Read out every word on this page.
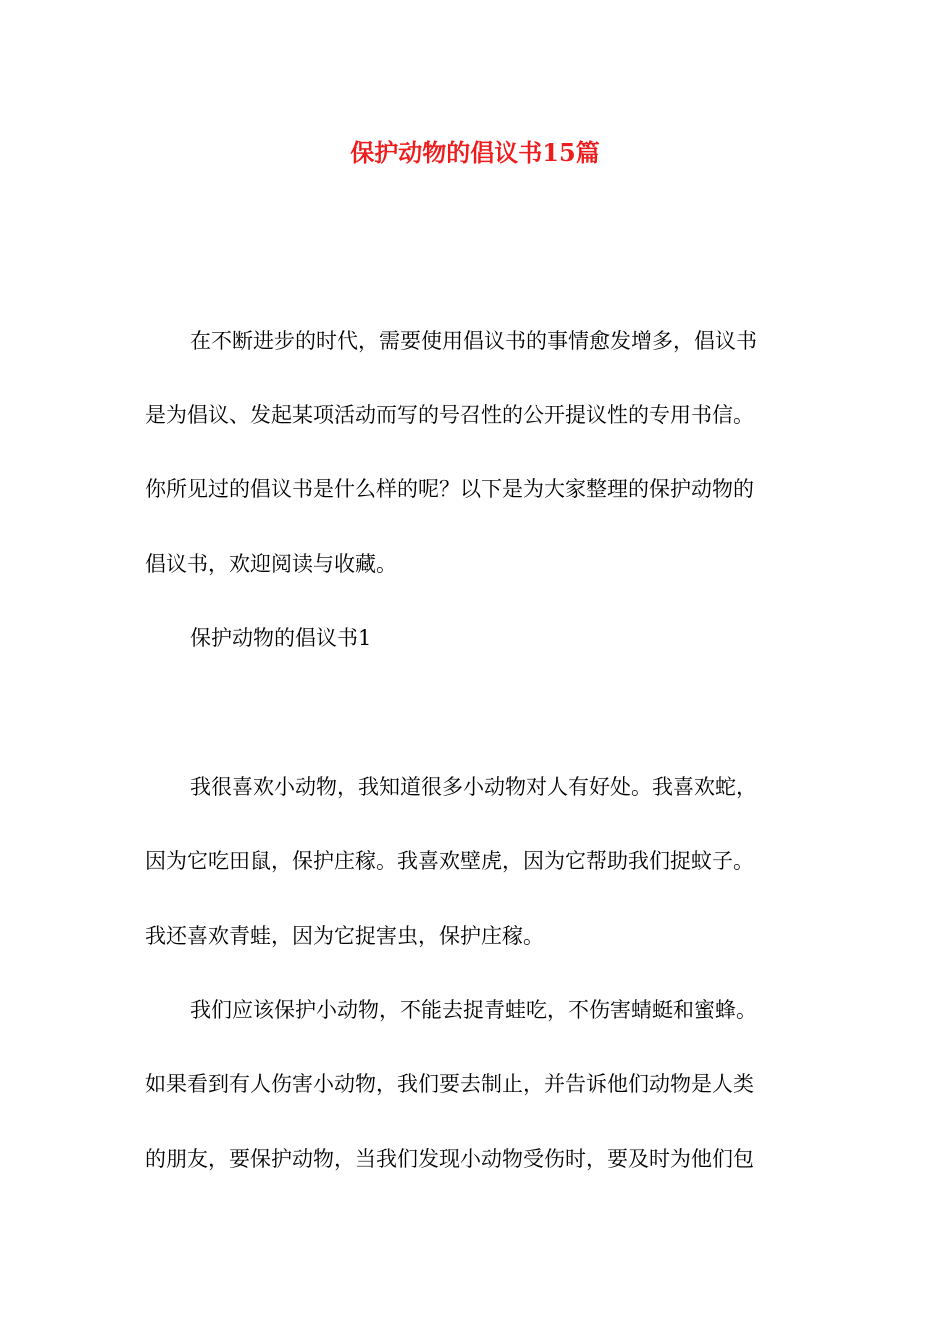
保护动物的倡议书15篇
在不断进步的时代，需要使用倡议书的事情愈发增多，倡议书
是为倡议、发起某项活动而写的号召性的公开提议性的专用书信。
你所见过的倡议书是什么样的呢？以下是为大家整理的保护动物的
倡议书，欢迎阅读与收藏。
保护动物的倡议书1
我很喜欢小动物，我知道很多小动物对人有好处。我喜欢蛇，
因为它吃田鼠，保护庄稼。我喜欢壁虎，因为它帮助我们捉蚊子。
我还喜欢青蛙，因为它捉害虫，保护庄稼。
我们应该保护小动物，不能去捉青蛙吃，不伤害蜻蜓和蜜蜂。
如果看到有人伤害小动物，我们要去制止，并告诉他们动物是人类
的朋友，要保护动物，当我们发现小动物受伤时，要及时为他们包
